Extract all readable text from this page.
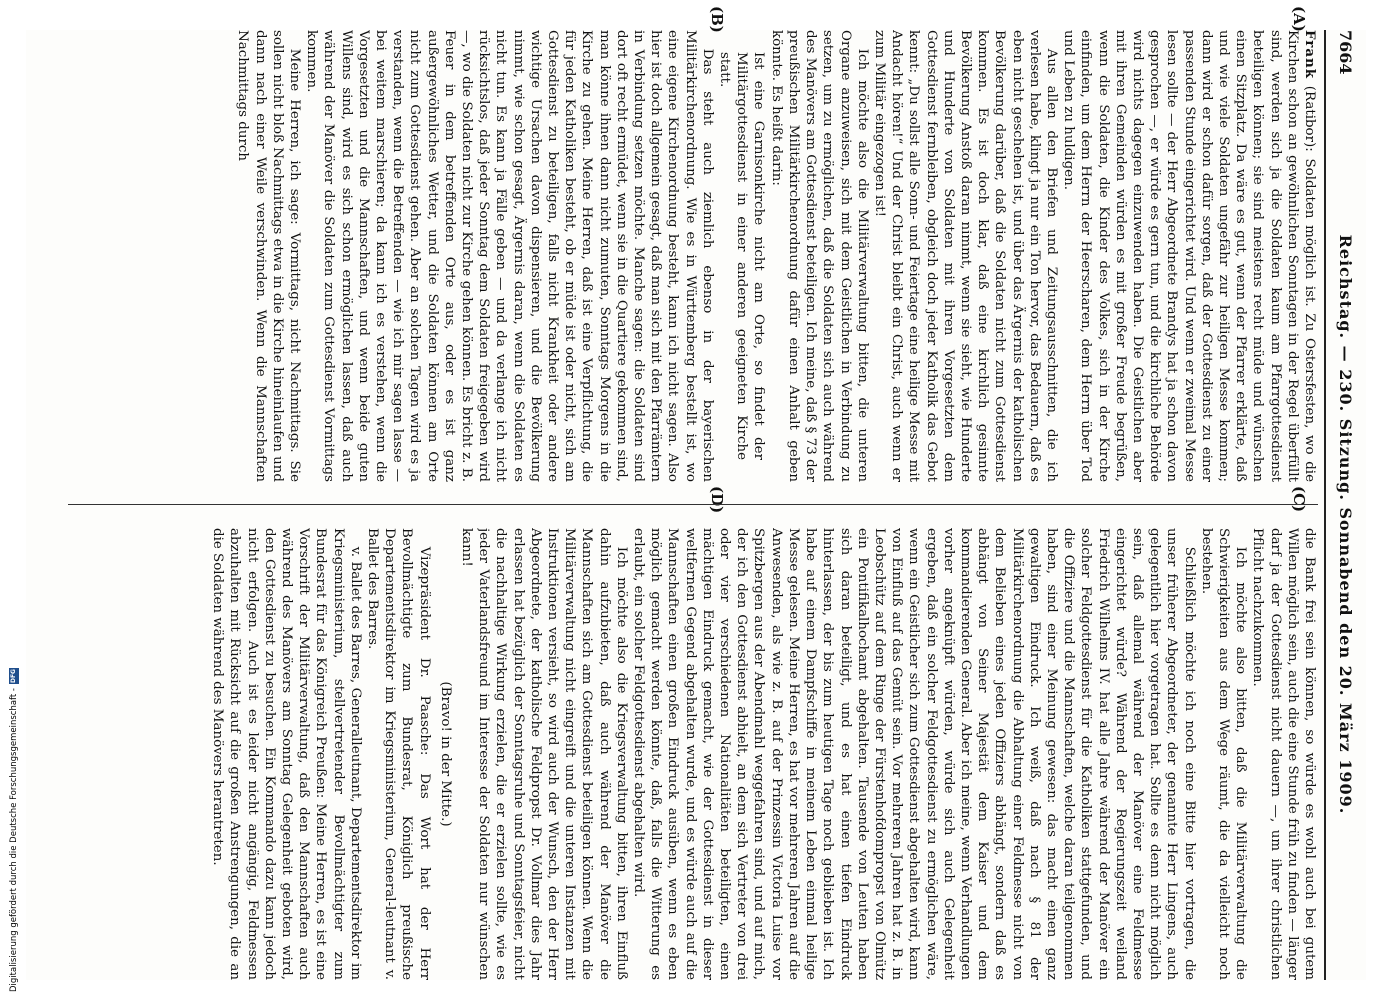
7664
Reichstag. — 230. Sitzung. Sonnabend den 20. März 1909.

(A)
(B)
(C)
(D)

Frank (Ratibor): Soldaten möglich ist. Zu Ostersfesten, wo die Kirchen schon an gewöhnlichen Sonntagen in der Regel überfüllt sind, werden sich ja die Soldaten kaum am Pfarrgottesdienst beteiligen können; sie sind meistens recht müde und wünschen einen Sitzplatz. Da wäre es gut, wenn der Pfarrer erklärte, daß und wie viele Soldaten ungefähr zur heiligen Messe kommen; dann wird er schon dafür sorgen, daß der Gottesdienst zu einer passenden Stunde eingerichtet wird. Und wenn er zweimal Messe lesen sollte — der Herr Abgeordnete Brandys hat ja schon davon gesprochen —, er würde es gern tun, und die kirchliche Behörde wird nichts dagegen einzuwenden haben. Die Geistlichen aber mit ihren Gemeinden würden es mit großer Freude begrüßen, wenn die Soldaten, die Kinder des Volkes, sich in der Kirche einfinden, um dem Herrn der Heerscharen, dem Herrn über Tod und Leben zu huldigen.

Aus allen den Briefen und Zeitungsausschnitten, die ich verlesen habe, klingt ja nur ein Ton hervor, das Bedauern, daß es eben nicht geschehen ist, und über das Ärgernis der katholischen Bevölkerung darüber, daß die Soldaten nicht zum Gottesdienst kommen. Es ist doch klar, daß eine kirchlich gesinnte Bevölkerung Anstoß daran nimmt, wenn sie sieht, wie Hunderte und Hunderte von Soldaten mit ihren Vorgesetzten dem Gottesdienst fernbleiben, obgleich doch jeder Katholik das Gebot kennt: „Du sollst alle Sonn- und Feiertage eine heilige Messe mit Andacht hören!“ Und der Christ bleibt ein Christ, auch wenn er zum Militär eingezogen ist!

Ich möchte also die Militärverwaltung bitten, die unteren Organe anzuweisen, sich mit dem Geistlichen in Verbindung zu setzen, um zu ermöglichen, daß die Soldaten sich auch während des Manövers am Gottesdienst beteiligen. Ich meine, daß § 73 der preußischen Militärkirchenordnung dafür einen Anhalt geben könnte. Es heißt darin:

Ist eine Garnisonkirche nicht am Orte, so findet der Militärgottesdienst in einer anderen geeigneten Kirche statt.

Das steht auch ziemlich ebenso in der bayerischen Militärkirchenordnung. Wie es in Württemberg bestellt ist, wo eine eigene Kirchenordnung besteht, kann ich nicht sagen. Also hier ist doch allgemein gesagt, daß man sich mit den Pfarrämtern in Verbindung setzen möchte. Manche sagen: die Soldaten sind dort oft recht ermüdet, wenn sie in die Quartiere gekommen sind, man könne ihnen dann nicht zumuten, Sonntags Morgens in die Kirche zu gehen. Meine Herren, daß ist eine Verpflichtung, die für jeden Katholiken besteht, ob er müde ist oder nicht, sich am Gottesdienst zu beteiligen, falls nicht Krankheit oder andere wichtige Ursachen davon dispensieren, und die Bevölkerung nimmt, wie schon gesagt, Ärgernis daran, wenn die Soldaten es nicht tun. Es kann ja Fälle geben — und da verlange ich nicht rücksichtslos, daß jeder Sonntag dem Soldaten freigegeben wird —, wo die Soldaten nicht zur Kirche gehen können. Es bricht z. B. Feuer in dem betreffenden Orte aus, oder es ist ganz außergewöhnliches Wetter, und die Soldaten können am Orte nicht zum Gottesdienst gehen. Aber an solchen Tagen wird es ja verstanden, wenn die Betreffenden — wie ich mir sagen lasse — bei weitem marschieren; da kann ich es verstehen, wenn die Vorgesetzten und die Mannschaften, und wenn beide guten Willens sind, wird es sich schon ermöglichen lassen, daß auch während der Manöver die Soldaten zum Gottesdienst Vormittags kommen.

Meine Herren, ich sage: Vormittags, nicht Nachmittags. Sie sollen nicht bloß Nachmittags etwa in die Kirche hineinlaufen und dann nach einer Weile verschwinden. Wenn die Mannschaften Nachmittags durch

die Bank frei sein können, so würde es wohl auch bei gutem Willen möglich sein, auch die eine Stunde früh zu finden — länger darf ja der Gottesdienst nicht dauern —, um ihrer christlichen Pflicht nachzukommen.

Ich möchte also bitten, daß die Militärverwaltung die Schwierigkeiten aus dem Wege räumt, die da vielleicht noch bestehen.

Schließlich möchte ich noch eine Bitte hier vortragen, die unser früherer Abgeordneter, der genannte Herr Lingens, auch gelegentlich hier vorgetragen hat. Sollte es denn nicht möglich sein, daß allemal während der Manöver eine Feldmesse eingerichtet würde? Während der Regierungszeit weiland Friedrich Wilhelms IV. hat alle Jahre während der Manöver ein solcher Feldgottesdienst für die Katholiken stattgefunden, und die Offiziere und die Mannschaften, welche daran teilgenommen haben, sind einer Meinung gewesen: das macht einen ganz gewaltigen Eindruck. Ich weiß, daß nach § 81 der Militärkirchenordnung die Abhaltung einer Feldmesse nicht von dem Belieben eines jeden Offiziers abhängt, sondern daß es abhängt von Seiner Majestät dem Kaiser und dem kommandierenden General. Aber ich meine, wenn Verhandlungen vorher angeknüpft würden, würde sich auch Gelegenheit ergeben, daß ein solcher Feldgottesdienst zu ermöglichen wäre, wenn ein Geistlicher sich zum Gottesdienst abgehalten wird, kann von Einfluß auf das Gemüt sein. Vor mehreren Jahren hat z. B. in Leobschütz auf dem Ringe der Fürstenhofdompropst von Olmütz ein Pontifikalhochamt abgehalten. Tausende von Leuten haben sich daran beteiligt, und es hat einen tiefen Eindruck hinterlassen, der bis zum heutigen Tage noch geblieben ist. Ich habe auf einem Dampfschiffe in meinem Leben einmal heilige Messe gelesen. Meine Herren, es hat vor mehreren Jahren auf die Anwesenden, als wie z. B. auf der Prinzessin Victoria Luise vor Spitzbergen aus der Abendmahl weggefahren sind, und auf mich, der ich den Gottesdienst abhielt, an dem sich Vertreter von drei oder vier verschiedenen Nationalitäten beteiligten, einen mächtigen Eindruck gemacht, wie der Gottesdienst in dieser weltfernen Gegend abgehalten wurde, und es würde auch auf die Mannschaften einen großen Eindruck ausüben, wenn es eben möglich gemacht werden könnte, daß, falls die Witterung es erlaubt, ein solcher Feldgottesdienst abgehalten wird.

Ich möchte also die Kriegsverwaltung bitten, ihren Einfluß dahin aufzubieten, daß auch während der Manöver die Mannschaften sich am Gottesdienst beteiligen können. Wenn die Militärverwaltung nicht eingreift und die unteren Instanzen mit Instruktionen versieht, so wird auch der Wunsch, den der Herr Abgeordnete, der katholische Feldpropst Dr. Vollmar dies Jahr erlassen hat bezüglich der Sonntagsruhe und Sonntagsfeier, nicht die nachhaltige Wirkung erzielen, die er erzielen sollte, wie es jeder Vaterlandsfreund im Interesse der Soldaten nur wünschen kann!

(Bravo! in der Mitte.)

Vizepräsident Dr. Paasche: Das Wort hat der Herr Bevollmächtigte zum Bundesrat, Königlich preußische Departementsdirektor im Kriegsministerium, General-leutnant v. Ballet des Barres.

v. Ballet des Barres, Generalleutnant, Departementsdirektor im Kriegsministerium, stellvertretender Bevollmächtigter zum Bundesrat für das Königreich Preußen: Meine Herren, es ist eine Vorschrift der Militärverwaltung, daß den Mannschaften auch während des Manövers am Sonntag Gelegenheit geboten wird, den Gottesdienst zu besuchen. Ein Kommando dazu kann jedoch nicht erfolgen. Auch ist es leider nicht angängig, Feldmessen abzuhalten mit Rücksicht auf die großen Anstrengungen, die an die Soldaten während des Manövers herantreten.

Digitalisierung gefördert durch die Deutsche Forschungsgemeinschaft -
DFG
